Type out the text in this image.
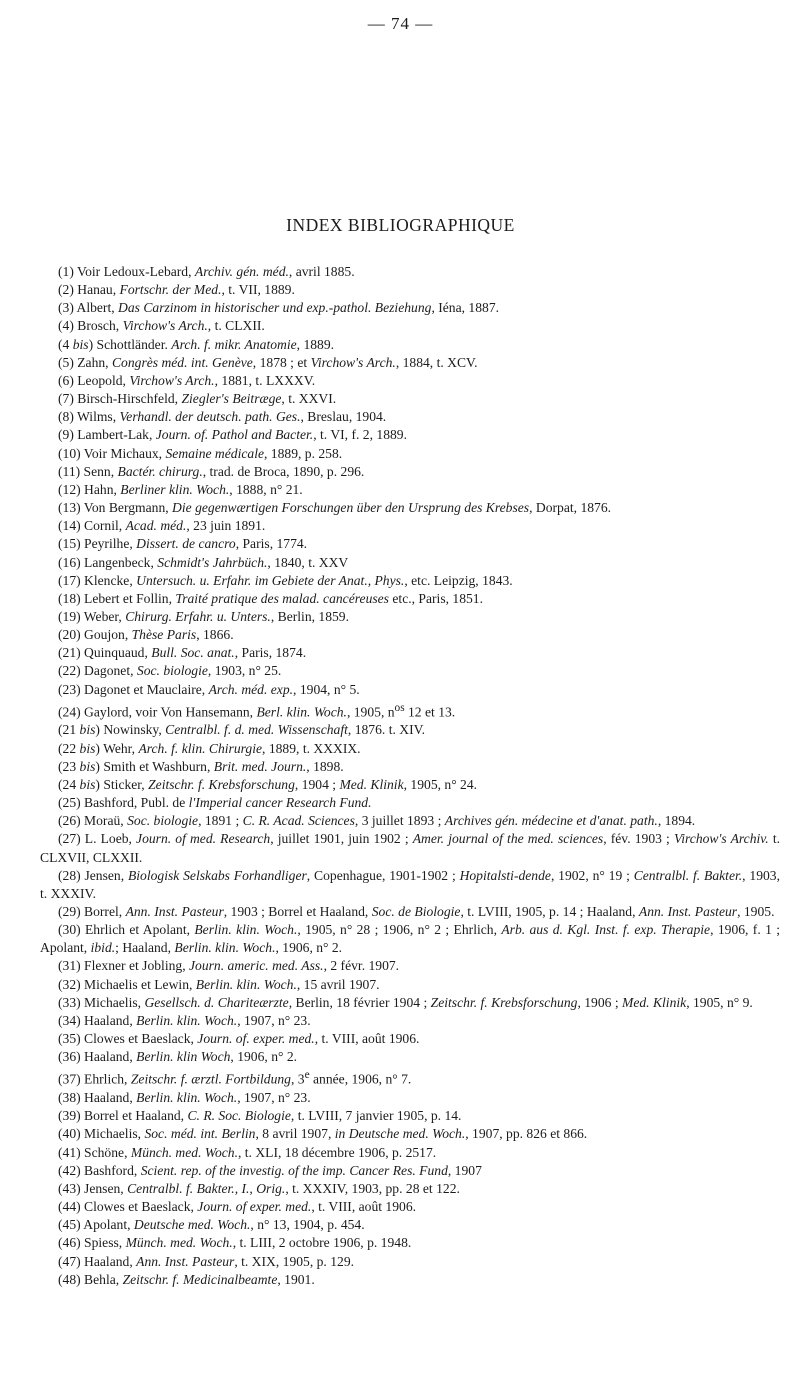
— 74 —
INDEX BIBLIOGRAPHIQUE

(1) Voir Ledoux-Lebard, Archiv. gén. méd., avril 1885.

(2) Hanau, Fortschr. der Med., t. VII, 1889.

(3) Albert, Das Carzinom in historischer und exp.-pathol. Beziehung, Iéna, 1887.

(4) Brosch, Virchow's Arch., t. CLXII.

(4 bis) Schottländer. Arch. f. mikr. Anatomie, 1889.

(5) Zahn, Congrès méd. int. Genève, 1878 ; et Virchow's Arch., 1884, t. XCV.

(6) Leopold, Virchow's Arch., 1881, t. LXXXV.

(7) Birsch-Hirschfeld, Ziegler's Beitræge, t. XXVI.

(8) Wilms, Verhandl. der deutsch. path. Ges., Breslau, 1904.

(9) Lambert-Lak, Journ. of. Pathol and Bacter., t. VI, f. 2, 1889.

(10) Voir Michaux, Semaine médicale, 1889, p. 258.

(11) Senn, Bactér. chirurg., trad. de Broca, 1890, p. 296.

(12) Hahn, Berliner klin. Woch., 1888, n° 21.

(13) Von Bergmann, Die gegenwærtigen Forschungen über den Ursprung des Krebses, Dorpat, 1876.

(14) Cornil, Acad. méd., 23 juin 1891.

(15) Peyrilhe, Dissert. de cancro, Paris, 1774.

(16) Langenbeck, Schmidt's Jahrbüch., 1840, t. XXV

(17) Klencke, Untersuch. u. Erfahr. im Gebiete der Anat., Phys., etc. Leipzig, 1843.

(18) Lebert et Follin, Traité pratique des malad. cancéreuses etc., Paris, 1851.

(19) Weber, Chirurg. Erfahr. u. Unters., Berlin, 1859.

(20) Goujon, Thèse Paris, 1866.

(21) Quinquaud, Bull. Soc. anat., Paris, 1874.

(22) Dagonet, Soc. biologie, 1903, n° 25.

(23) Dagonet et Mauclaire, Arch. méd. exp., 1904, n° 5.

(24) Gaylord, voir Von Hansemann, Berl. klin. Woch., 1905, $n^{os}$ 12 et 13.

(21 bis) Nowinsky, Centralbl. f. d. med. Wissenschaft, 1876. t. XIV.

(22 bis) Wehr, Arch. f. klin. Chirurgie, 1889, t. XXXIX.

(23 bis) Smith et Washburn, Brit. med. Journ., 1898.

(24 bis) Sticker, Zeitschr. f. Krebsforschung, 1904 ; Med. Klinik, 1905, n° 24.

(25) Bashford, Publ. de l'Imperial cancer Research Fund.

(26) Moraü, Soc. biologie, 1891 ; C. R. Acad. Sciences, 3 juillet 1893 ; Archives gén. médecine et d'anat. path., 1894.

(27) L. Loeb, Journ. of med. Research, juillet 1901, juin 1902 ; Amer. journal of the med. sciences, fév. 1903 ; Virchow's Archiv. t. CLXVII, CLXXII.

(28) Jensen, Biologisk Selskabs Forhandliger, Copenhague, 1901-1902 ; Hopitalsti-dende, 1902, n° 19 ; Centralbl. f. Bakter., 1903, t. XXXIV.

(29) Borrel, Ann. Inst. Pasteur, 1903 ; Borrel et Haaland, Soc. de Biologie, t. LVIII, 1905, p. 14 ; Haaland, Ann. Inst. Pasteur, 1905.

(30) Ehrlich et Apolant, Berlin. klin. Woch., 1905, n° 28 ; 1906, n° 2 ; Ehrlich, Arb. aus d. Kgl. Inst. f. exp. Therapie, 1906, f. 1 ; Apolant, ibid.; Haaland, Berlin. klin. Woch., 1906, n° 2.

(31) Flexner et Jobling, Journ. americ. med. Ass., 2 févr. 1907.

(32) Michaelis et Lewin, Berlin. klin. Woch., 15 avril 1907.

(33) Michaelis, Gesellsch. d. Chariteærzte, Berlin, 18 février 1904 ; Zeitschr. f. Krebsforschung, 1906 ; Med. Klinik, 1905, n° 9.

(34) Haaland, Berlin. klin. Woch., 1907, n° 23.

(35) Clowes et Baeslack, Journ. of. exper. med., t. VIII, août 1906.

(36) Haaland, Berlin. klin Woch, 1906, n° 2.

(37) Ehrlich, Zeitschr. f. ærztl. Fortbildung, 3e année, 1906, n° 7.

(38) Haaland, Berlin. klin. Woch., 1907, n° 23.

(39) Borrel et Haaland, C. R. Soc. Biologie, t. LVIII, 7 janvier 1905, p. 14.

(40) Michaelis, Soc. méd. int. Berlin, 8 avril 1907, in Deutsche med. Woch., 1907, pp. 826 et 866.

(41) Schöne, Münch. med. Woch., t. XLI, 18 décembre 1906, p. 2517.

(42) Bashford, Scient. rep. of the investig. of the imp. Cancer Res. Fund, 1907

(43) Jensen, Centralbl. f. Bakter., I., Orig., t. XXXIV, 1903, pp. 28 et 122.

(44) Clowes et Baeslack, Journ. of exper. med., t. VIII, août 1906.

(45) Apolant, Deutsche med. Woch., n° 13, 1904, p. 454.

(46) Spiess, Münch. med. Woch., t. LIII, 2 octobre 1906, p. 1948.

(47) Haaland, Ann. Inst. Pasteur, t. XIX, 1905, p. 129.

(48) Behla, Zeitschr. f. Medicinalbeamte, 1901.
